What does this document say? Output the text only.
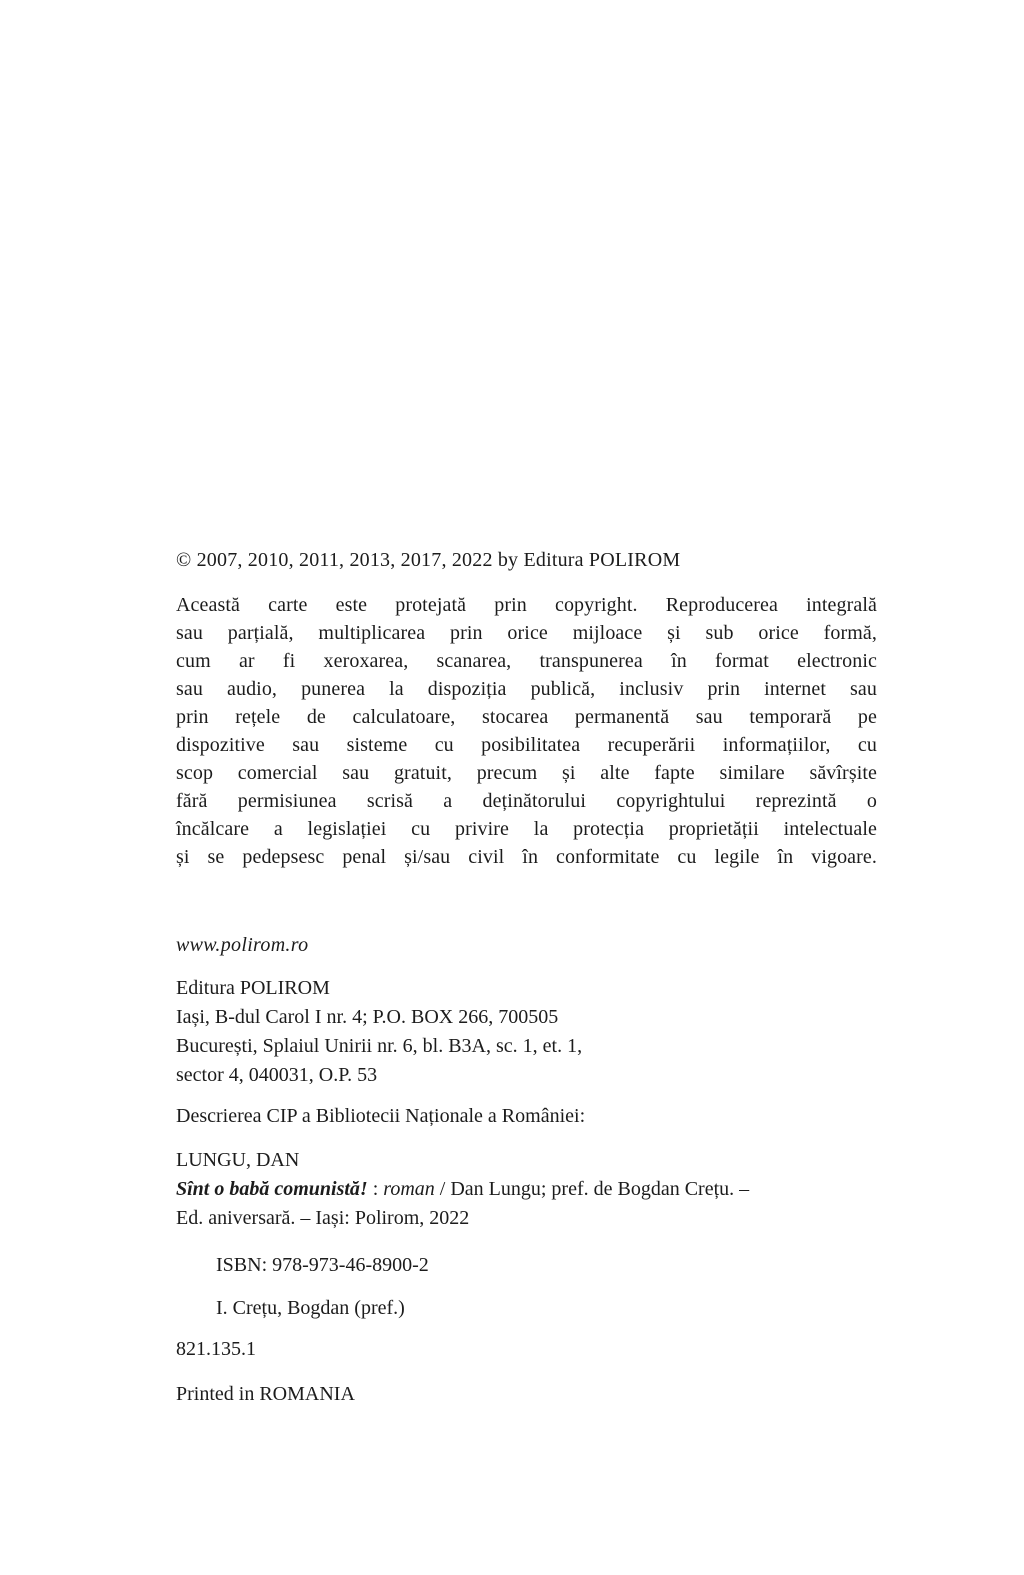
© 2007, 2010, 2011, 2013, 2017, 2022 by Editura POLIROM
Această carte este protejată prin copyright. Reproducerea integrală
sau parțială, multiplicarea prin orice mijloace și sub orice formă,
cum ar fi xeroxarea, scanarea, transpunerea în format electronic
sau audio, punerea la dispoziția publică, inclusiv prin internet sau
prin rețele de calculatoare, stocarea permanentă sau temporară pe
dispozitive sau sisteme cu posibilitatea recuperării informațiilor, cu
scop comercial sau gratuit, precum și alte fapte similare săvîrșite
fără permisiunea scrisă a deținătorului copyrightului reprezintă o
încălcare a legislației cu privire la protecția proprietății intelectuale
și se pedepsesc penal și/sau civil în conformitate cu legile în vigoare.
www.polirom.ro
Editura POLIROM
Iași, B-dul Carol I nr. 4; P.O. BOX 266, 700505
București, Splaiul Unirii nr. 6, bl. B3A, sc. 1, et. 1,
sector 4, 040031, O.P. 53
Descrierea CIP a Bibliotecii Naționale a României:
LUNGU, DAN
Sînt o babă comunistă! : roman / Dan Lungu; pref. de Bogdan Crețu. –
Ed. aniversară. – Iași: Polirom, 2022
ISBN: 978-973-46-8900-2
I. Crețu, Bogdan (pref.)
821.135.1
Printed in ROMANIA
